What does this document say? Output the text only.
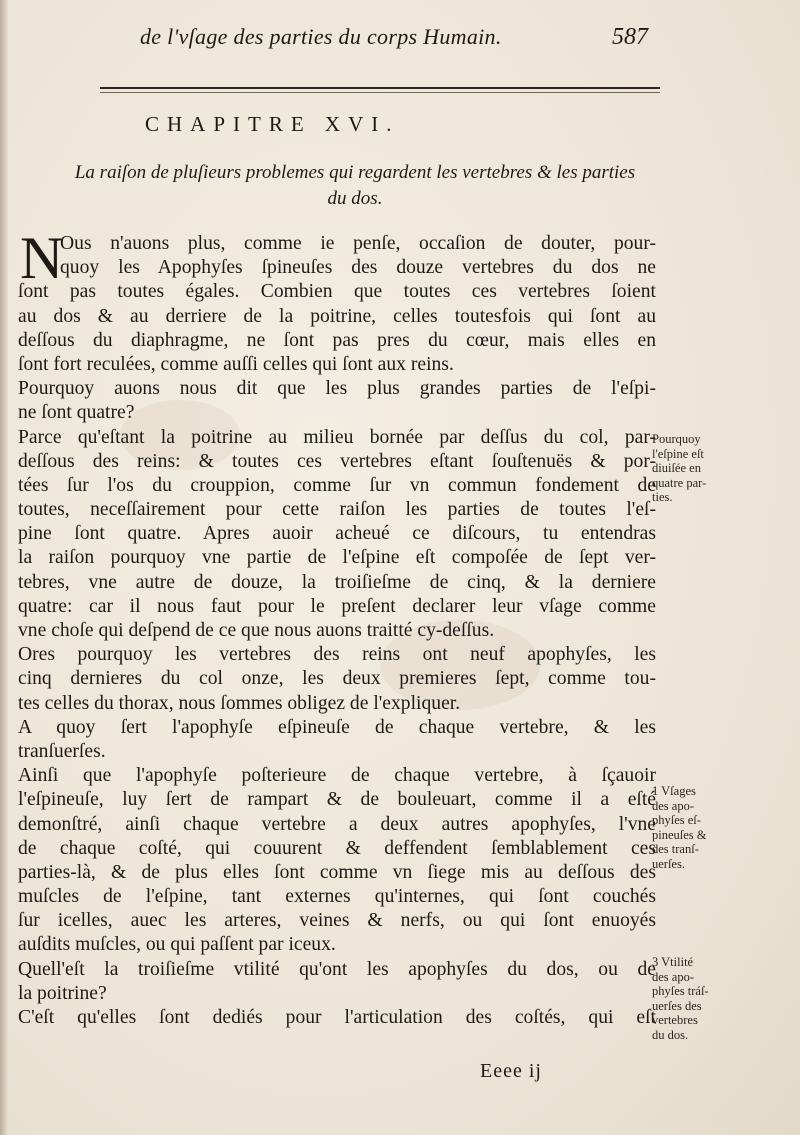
de l'vſage des parties du corps Humain.	587
CHAPITRE XVI.
La raiſon de pluſieurs problemes qui regardent les vertebres & les parties
du dos.
N
Ous n'auons plus, comme ie penſe, occaſion de douter, pour-
quoy les Apophyſes ſpineuſes des douze vertebres du dos ne
ſont pas toutes égales. Combien que toutes ces vertebres ſoient
au dos & au derriere de la poitrine, celles toutesfois qui ſont au
deſſous du diaphragme, ne ſont pas pres du cœur, mais elles en
ſont fort reculées, comme auſſi celles qui ſont aux reins.
Pourquoy auons nous dit que les plus grandes parties de l'eſpi-
ne ſont quatre?
Parce qu'eſtant la poitrine au milieu bornée par deſſus du col, par-
deſſous des reins: & toutes ces vertebres eſtant ſouſtenuës & por-
tées ſur l'os du crouppion, comme ſur vn commun fondement de
toutes, neceſſairement pour cette raiſon les parties de toutes l'eſ-
pine ſont quatre. Apres auoir acheué ce diſcours, tu entendras
la raiſon pourquoy vne partie de l'eſpine eſt compoſée de ſept ver-
tebres, vne autre de douze, la troiſieſme de cinq, & la derniere
quatre: car il nous faut pour le preſent declarer leur vſage comme
vne choſe qui deſpend de ce que nous auons traitté cy-deſſus.
Ores pourquoy les vertebres des reins ont neuf apophyſes, les
cinq dernieres du col onze, les deux premieres ſept, comme tou-
tes celles du thorax, nous ſommes obligez de l'expliquer.
A quoy ſert l'apophyſe eſpineuſe de chaque vertebre, & les
tranſuerſes.
Ainſi que l'apophyſe poſterieure de chaque vertebre, à ſçauoir
l'eſpineuſe, luy ſert de rampart & de bouleuart, comme il a eſté
demonſtré, ainſi chaque vertebre a deux autres apophyſes, l'vne
de chaque coſté, qui couurent & deffendent ſemblablement ces
parties-là, & de plus elles ſont comme vn ſiege mis au deſſous des
muſcles de l'eſpine, tant externes qu'internes, qui ſont couchés
ſur icelles, auec les arteres, veines & nerfs, ou qui ſont enuoyés
auſdits muſcles, ou qui paſſent par iceux.
Quell'eſt la troiſieſme vtilité qu'ont les apophyſes du dos, ou de
la poitrine?
C'eſt qu'elles ſont dediés pour l'articulation des coſtés, qui eſt
Pourquoy
l'eſpine eſt
diuiſée en
quatre par-
ties.
1 Vſages
des apo-
phyſes eſ-
pineuſes &
des tranſ-
uerſes.
3 Vtilité
des apo-
phyſes tráſ-
uerſes des
vertebres
du dos.
Eeee ij
